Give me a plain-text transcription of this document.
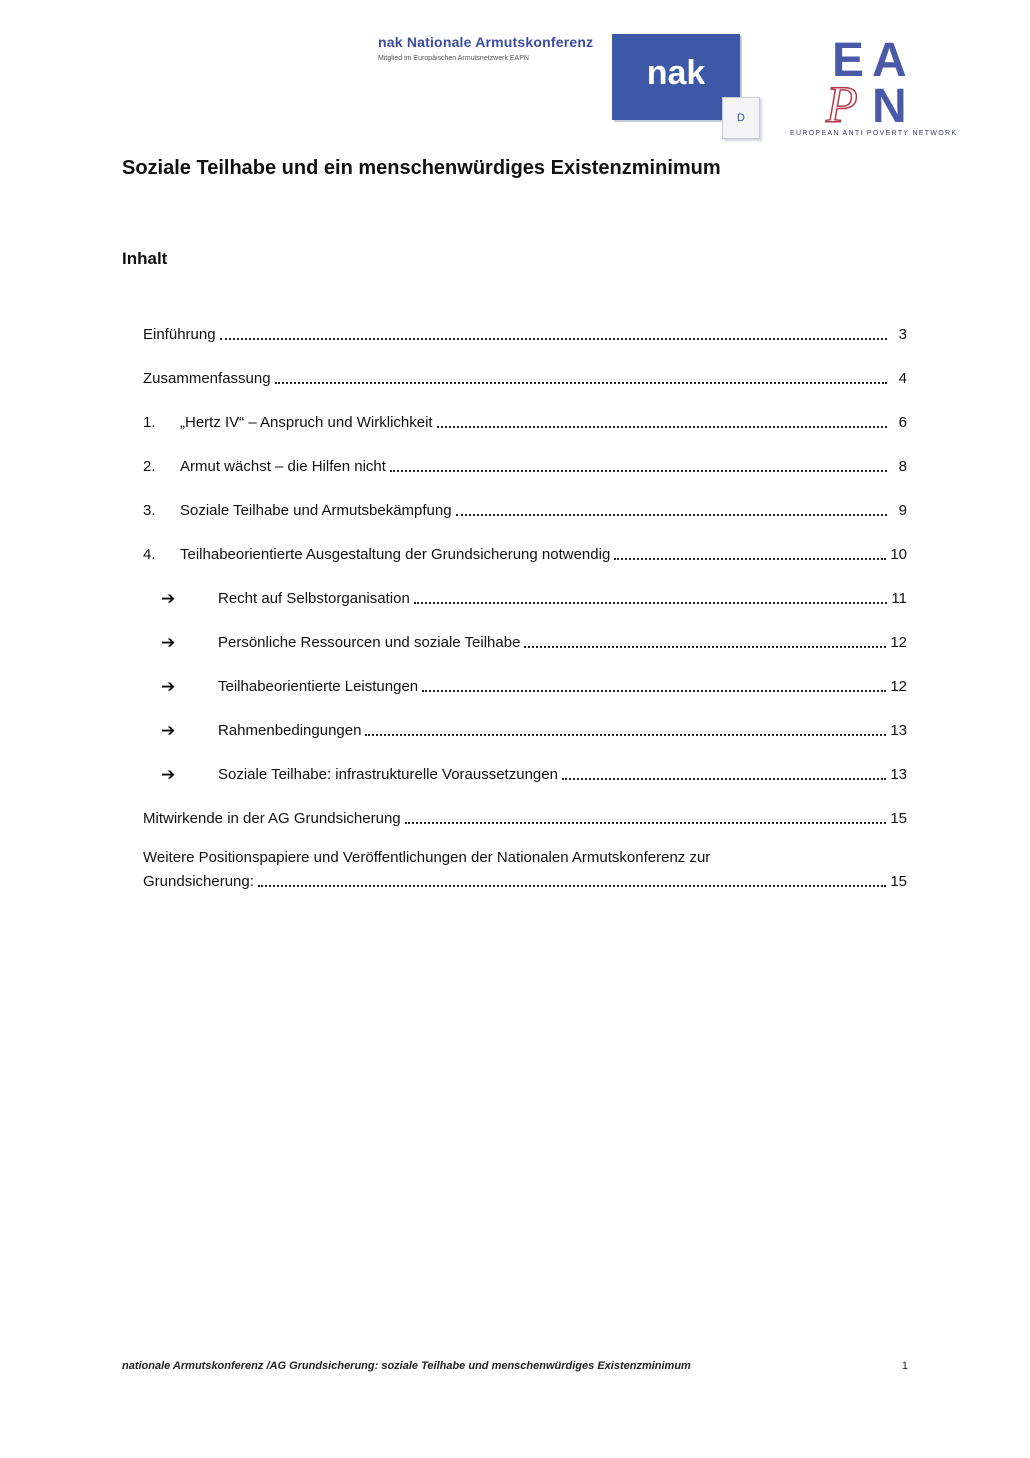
nak Nationale Armutskonferenz
Mitglied im Europäischen Armutsnetzwerk EAPN	nak
D
E A
P N
EUROPEAN ANTI POVERTY NETWORK
Soziale Teilhabe und ein menschenwürdiges Existenzminimum
Inhalt
Einführung	3
Zusammenfassung	4
1.	„Hertz IV“ – Anspruch und Wirklichkeit	6
2.	Armut wächst – die Hilfen nicht	8
3.	Soziale Teilhabe und Armutsbekämpfung	9
4.	Teilhabeorientierte Ausgestaltung der Grundsicherung notwendig	10
➔	Recht auf Selbstorganisation	11
➔	Persönliche Ressourcen und soziale Teilhabe	12
➔	Teilhabeorientierte Leistungen	12
➔	Rahmenbedingungen	13
➔	Soziale Teilhabe: infrastrukturelle Voraussetzungen	13
Mitwirkende in der AG Grundsicherung	15
Weitere Positionspapiere und Veröffentlichungen der Nationalen Armutskonferenz zur
Grundsicherung:	15
nationale Armutskonferenz /AG Grundsicherung: soziale Teilhabe und menschenwürdiges Existenzminimum	1
